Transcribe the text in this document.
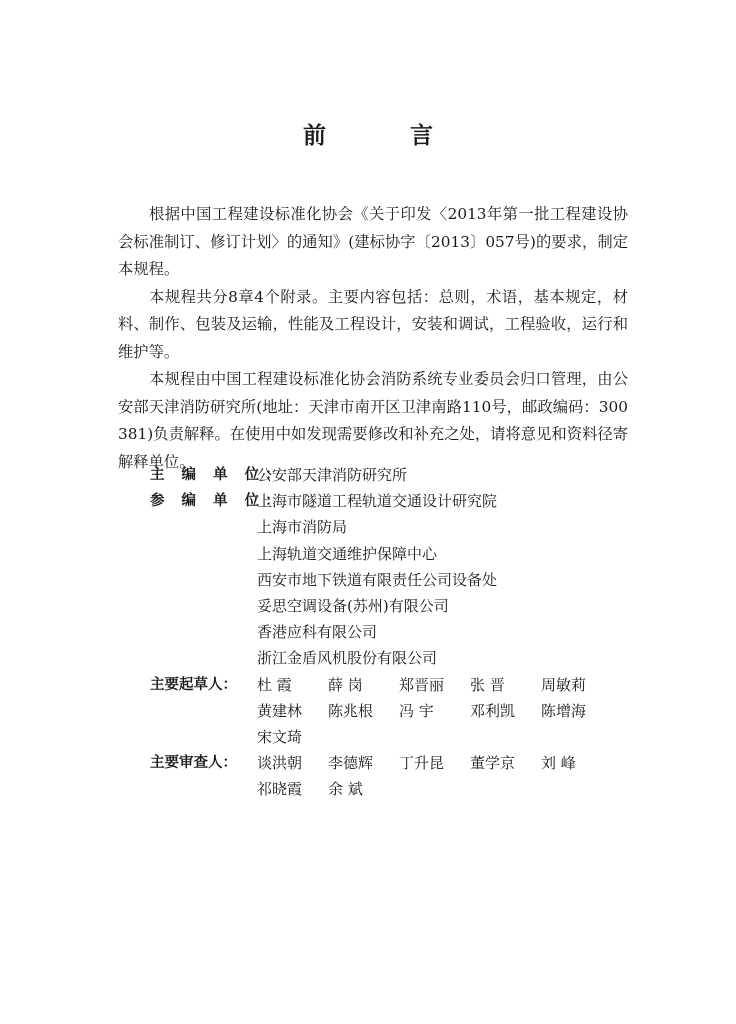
前 言

根据中国工程建设标准化协会《关于印发〈2013年第一批工程建设协会标准制订、修订计划〉的通知》(建标协字〔2013〕057号)的要求，制定本规程。

本规程共分8章4个附录。主要内容包括：总则，术语，基本规定，材料、制作、包装及运输，性能及工程设计，安装和调试，工程验收，运行和维护等。

本规程由中国工程建设标准化协会消防系统专业委员会归口管理，由公安部天津消防研究所(地址：天津市南开区卫津南路110号，邮政编码：300381)负责解释。在使用中如发现需要修改和补充之处，请将意见和资料径寄解释单位。

主 编 单 位：
公安部天津消防研究所
参 编 单 位：
上海市隧道工程轨道交通设计研究院
上海市消防局
上海轨道交通维护保障中心
西安市地下铁道有限责任公司设备处
妥思空调设备(苏州)有限公司
香港应科有限公司
浙江金盾风机股份有限公司
主要起草人：	杜 霞	薛 岗	郑晋丽	张 晋	周敏莉
黄建林	陈兆根	冯 宇	邓利凯	陈增海
宋文琦
主要审查人：	谈洪朝	李德辉	丁升昆	董学京	刘 峰
祁晓霞	余 斌
